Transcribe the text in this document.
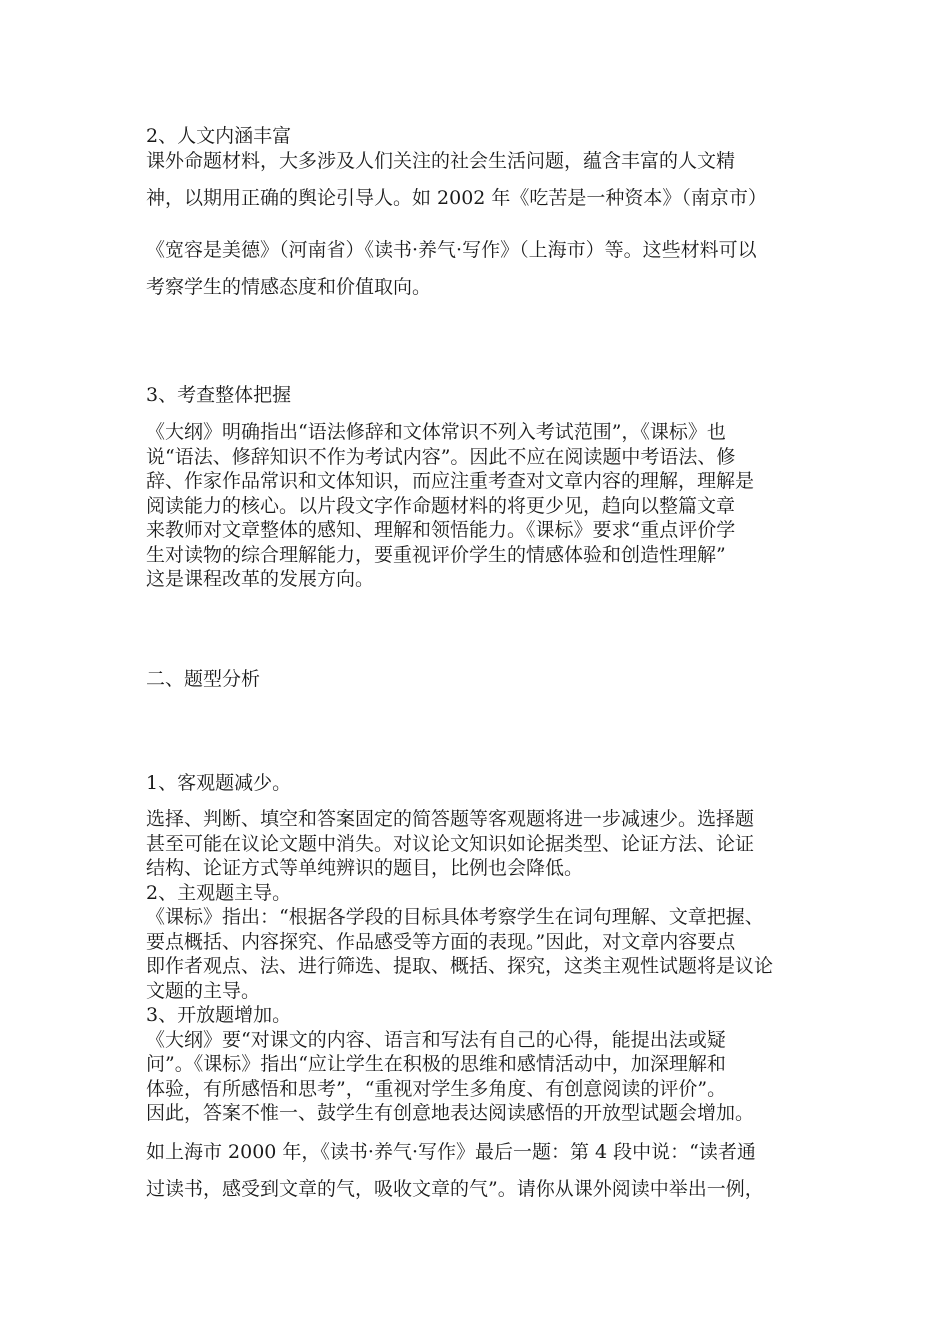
2、人文内涵丰富
课外命题材料，大多涉及人们关注的社会生活问题，蕴含丰富的人文精

神，以期用正确的舆论引导人。如 2002 年《吃苦是一种资本》（南京市）

《宽容是美德》（河南省）《读书·养气·写作》（上海市）等。这些材料可以
考察学生的情感态度和价值取向。

3、考查整体把握

《大纲》明确指出“语法修辞和文体常识不列入考试范围”，《课标》也
说“语法、修辞知识不作为考试内容”。因此不应在阅读题中考语法、修
辞、作家作品常识和文体知识，而应注重考查对文章内容的理解，理解是
阅读能力的核心。以片段文字作命题材料的将更少见，趋向以整篇文章
来教师对文章整体的感知、理解和领悟能力。《课标》要求“重点评价学
生对读物的综合理解能力，要重视评价学生的情感体验和创造性理解”
这是课程改革的发展方向。

二、题型分析

1、客观题减少。

选择、判断、填空和答案固定的简答题等客观题将进一步减速少。选择题
甚至可能在议论文题中消失。对议论文知识如论据类型、论证方法、论证
结构、论证方式等单纯辨识的题目，比例也会降低。
2、主观题主导。
《课标》指出：“根据各学段的目标具体考察学生在词句理解、文章把握、
要点概括、内容探究、作品感受等方面的表现。”因此，对文章内容要点
即作者观点、法、进行筛选、提取、概括、探究，这类主观性试题将是议论
文题的主导。
3、开放题增加。
《大纲》要“对课文的内容、语言和写法有自己的心得，能提出法或疑
问”。《课标》指出“应让学生在积极的思维和感情活动中，加深理解和
体验，有所感悟和思考”，“重视对学生多角度、有创意阅读的评价”。
因此，答案不惟一、鼓学生有创意地表达阅读感悟的开放型试题会增加。

如上海市 2000 年，《读书·养气·写作》最后一题：第 4 段中说：“读者通
过读书，感受到文章的气，吸收文章的气”。请你从课外阅读中举出一例，
